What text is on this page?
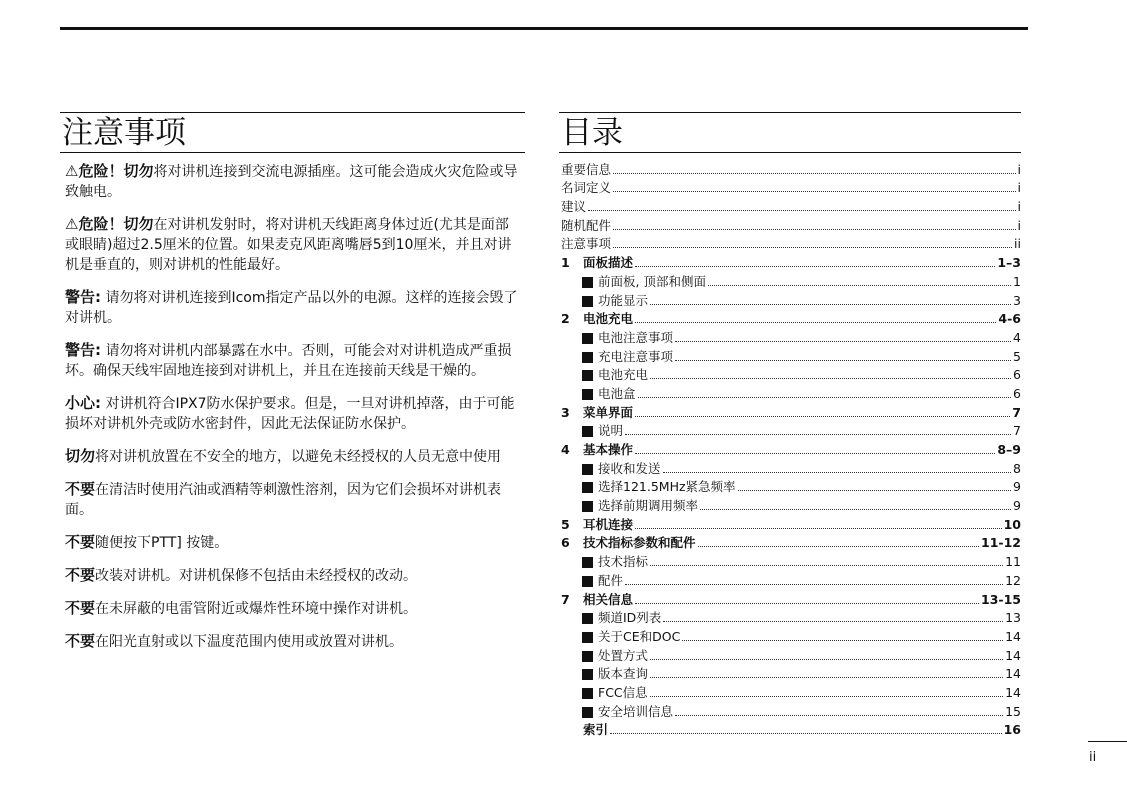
注意事项

⚠危险！切勿将对讲机连接到交流电源插座。这可能会造成火灾危险或导致触电。

⚠危险！切勿在对讲机发射时，将对讲机天线距离身体过近(尤其是面部或眼睛)超过2.5厘米的位置。如果麦克风距离嘴唇5到10厘米，并且对讲机是垂直的，则对讲机的性能最好。

警告: 请勿将对讲机连接到Icom指定产品以外的电源。这样的连接会毁了对讲机。

警告: 请勿将对讲机内部暴露在水中。否则，可能会对对讲机造成严重损坏。确保天线牢固地连接到对讲机上，并且在连接前天线是干燥的。

小心: 对讲机符合IPX7防水保护要求。但是，一旦对讲机掉落，由于可能损坏对讲机外壳或防水密封件，因此无法保证防水保护。

切勿将对讲机放置在不安全的地方，以避免未经授权的人员无意中使用

不要在清洁时使用汽油或酒精等刺激性溶剂，因为它们会损坏对讲机表面。

不要随便按下PTT] 按键。

不要改装对讲机。对讲机保修不包括由未经授权的改动。

不要在未屏蔽的电雷管附近或爆炸性环境中操作对讲机。

不要在阳光直射或以下温度范围内使用或放置对讲机。

目录
重要信息	i
名词定义	i
建议	i
随机配件	i
注意事项	ii
1	面板描述	1–3
前面板, 顶部和侧面	1
功能显示	3
2	电池充电	4-6
电池注意事项	4
充电注意事项	5
电池充电	6
电池盒	6
3	菜单界面	7
说明	7
4	基本操作	8–9
接收和发送	8
选择121.5MHz紧急频率	9
选择前期调用频率	9
5	耳机连接	10
6	技术指标参数和配件	11-12
技术指标	11
配件	12
7	相关信息	13-15
频道ID列表	13
关于CE和DOC	14
处置方式	14
版本查询	14
FCC信息	14
安全培训信息	15
索引	16
ii
